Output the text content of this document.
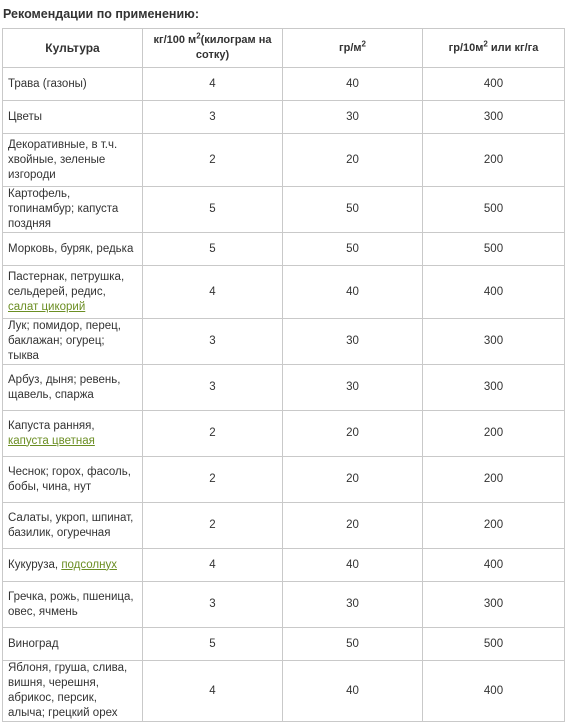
Рекомендации по применению:
Культура	кг/100 $м^2(килограм$ на сотку)	$гр/м^2$	$гр/10м^2$ или кг/га
Трава (газоны)	4	40	400
Цветы	3	30	300
Декоративные, в т.ч. хвойные, зеленые изгороди	2	20	200
Картофель, топинамбур; капуста поздняя	5	50	500
Морковь, буряк, редька	5	50	500
Пастернак, петрушка, сельдерей, редис, салат цикорий	4	40	400
Лук; помидор, перец, баклажан; огурец; тыква	3	30	300
Арбуз, дыня; ревень, щавель, спаржа	3	30	300
Капуста ранняя, капуста цветная	2	20	200
Чеснок; горох, фасоль, бобы, чина, нут	2	20	200
Салаты, укроп, шпинат, базилик, огуречная	2	20	200
Кукуруза, подсолнух	4	40	400
Гречка, рожь, пшеница, овес, ячмень	3	30	300
Виноград	5	50	500
Яблоня, груша, слива, вишня, черешня, абрикос, персик, алыча; грецкий орех	4	40	400
